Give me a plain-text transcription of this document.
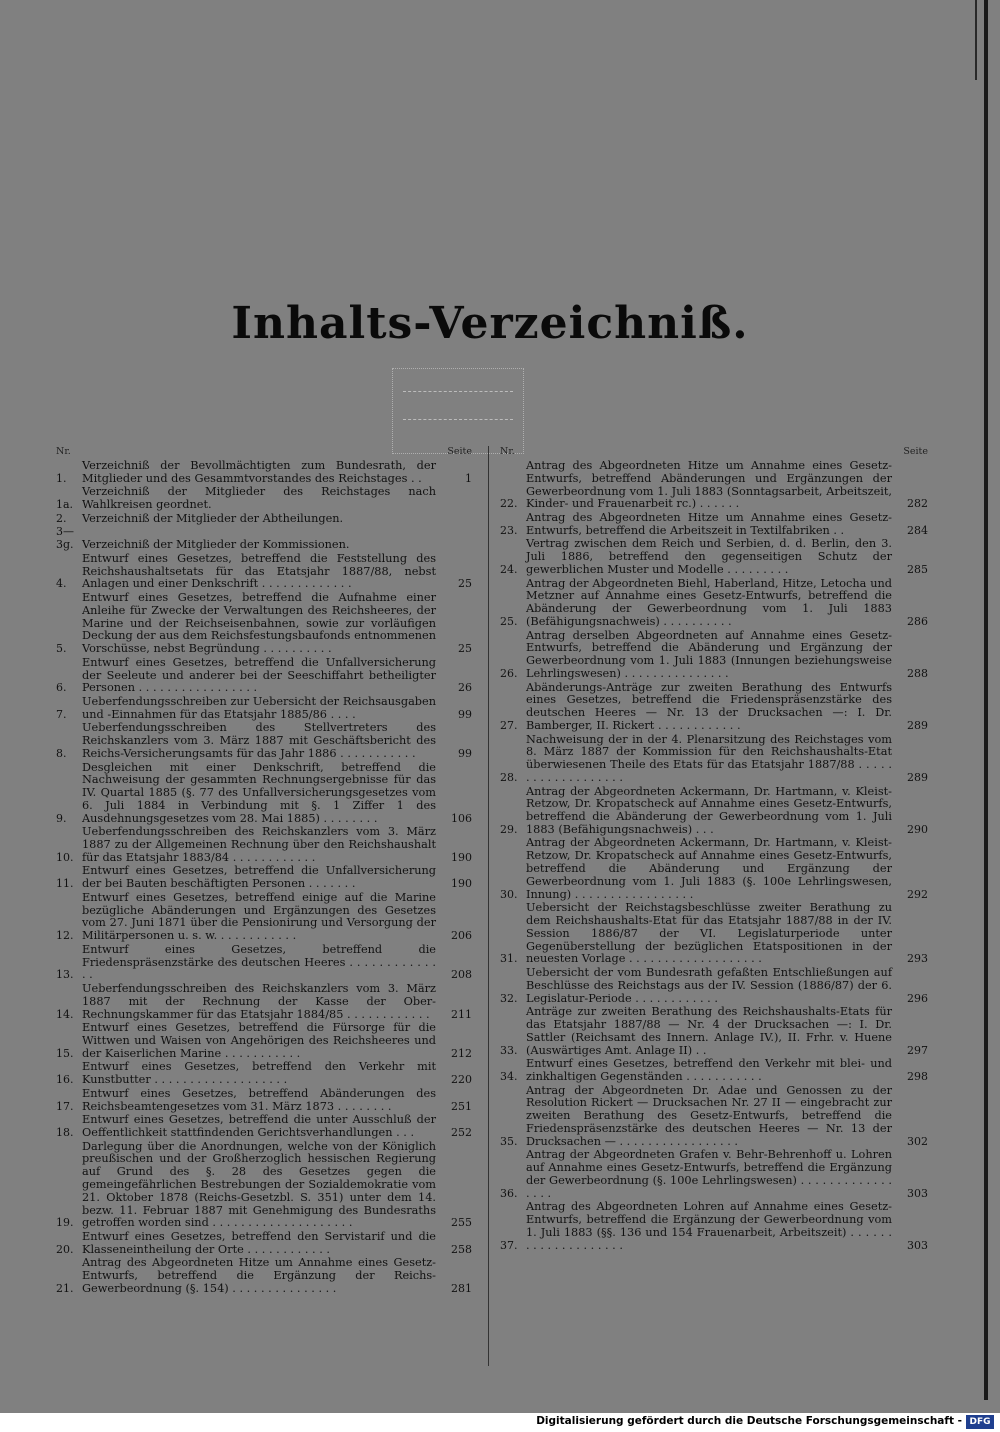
Inhalts-Verzeichniß.
Nr.	Seite
1.
Verzeichniß der Bevollmächtigten zum Bundesrath, der Mitglieder und des Gesammtvorstandes des Reichstages . .	1
1a.
Verzeichniß der Mitglieder des Reichstages nach Wahlkreisen geordnet.
2.	Verzeichniß der Mitglieder der Abtheilungen.
3—3g. Verzeichniß der Mitglieder der Kommissionen.
4.
Entwurf eines Gesetzes, betreffend die Feststellung des Reichshaushaltsetats für das Etatsjahr 1887/88, nebst Anlagen und einer Denkschrift . . . . . . . . . . . . .	25
5.
Entwurf eines Gesetzes, betreffend die Aufnahme einer Anleihe für Zwecke der Verwaltungen des Reichsheeres, der Marine und der Reichseisenbahnen, sowie zur vorläufigen Deckung der aus dem Reichsfestungsbaufonds entnommenen Vorschüsse, nebst Begründung . . . . . . . . . .	25
6.
Entwurf eines Gesetzes, betreffend die Unfallversicherung der Seeleute und anderer bei der Seeschiffahrt betheiligter Personen . . . . . . . . . . . . . . . . .	26
7.
Ueberfendungsschreiben zur Uebersicht der Reichsausgaben und -Einnahmen für das Etatsjahr 1885/86 . . . .	99
8.
Ueberfendungsschreiben des Stellvertreters des Reichskanzlers vom 3. März 1887 mit Geschäftsbericht des Reichs-Versicherungsamts für das Jahr 1886 . . . . . . . . . . .	99
9.
Desgleichen mit einer Denkschrift, betreffend die Nachweisung der gesammten Rechnungsergebnisse für das IV. Quartal 1885 (§. 77 des Unfallversicherungsgesetzes vom 6. Juli 1884 in Verbindung mit §. 1 Ziffer 1 des Ausdehnungsgesetzes vom 28. Mai 1885) . . . . . . . .	106
10.
Ueberfendungsschreiben des Reichskanzlers vom 3. März 1887 zu der Allgemeinen Rechnung über den Reichshaushalt für das Etatsjahr 1883/84 . . . . . . . . . . . .	190
11.
Entwurf eines Gesetzes, betreffend die Unfallversicherung der bei Bauten beschäftigten Personen . . . . . . .	190
12.
Entwurf eines Gesetzes, betreffend einige auf die Marine bezügliche Abänderungen und Ergänzungen des Gesetzes vom 27. Juni 1871 über die Pensionirung und Versorgung der Militärpersonen u. s. w. . . . . . . . . . . .	206
13.
Entwurf eines Gesetzes, betreffend die Friedenspräsenzstärke des deutschen Heeres . . . . . . . . . . . . . .	208
14.
Ueberfendungsschreiben des Reichskanzlers vom 3. März 1887 mit der Rechnung der Kasse der Ober-Rechnungskammer für das Etatsjahr 1884/85 . . . . . . . . . . . .	211
15.
Entwurf eines Gesetzes, betreffend die Fürsorge für die Wittwen und Waisen von Angehörigen des Reichsheeres und der Kaiserlichen Marine . . . . . . . . . . .	212
16.
Entwurf eines Gesetzes, betreffend den Verkehr mit Kunstbutter . . . . . . . . . . . . . . . . . . .	220
17.
Entwurf eines Gesetzes, betreffend Abänderungen des Reichsbeamtengesetzes vom 31. März 1873 . . . . . . . .	251
18.
Entwurf eines Gesetzes, betreffend die unter Ausschluß der Oeffentlichkeit stattfindenden Gerichtsverhandlungen . . .	252
19.
Darlegung über die Anordnungen, welche von der Königlich preußischen und der Großherzoglich hessischen Regierung auf Grund des §. 28 des Gesetzes gegen die gemeingefährlichen Bestrebungen der Sozialdemokratie vom 21. Oktober 1878 (Reichs-Gesetzbl. S. 351) unter dem 14. bezw. 11. Februar 1887 mit Genehmigung des Bundesraths getroffen worden sind . . . . . . . . . . . . . . . . . . . .	255
20.
Entwurf eines Gesetzes, betreffend den Servistarif und die Klasseneintheilung der Orte . . . . . . . . . . . .	258
21.
Antrag des Abgeordneten Hitze um Annahme eines Gesetz-Entwurfs, betreffend die Ergänzung der Reichs-Gewerbeordnung (§. 154) . . . . . . . . . . . . . . .	281
Nr.	Seite
22.
Antrag des Abgeordneten Hitze um Annahme eines Gesetz-Entwurfs, betreffend Abänderungen und Ergänzungen der Gewerbeordnung vom 1. Juli 1883 (Sonntagsarbeit, Arbeitszeit, Kinder- und Frauenarbeit rc.) . . . . . .	282
23.
Antrag des Abgeordneten Hitze um Annahme eines Gesetz-Entwurfs, betreffend die Arbeitszeit in Textilfabriken . .	284
24.
Vertrag zwischen dem Reich und Serbien, d. d. Berlin, den 3. Juli 1886, betreffend den gegenseitigen Schutz der gewerblichen Muster und Modelle . . . . . . . . .	285
25.
Antrag der Abgeordneten Biehl, Haberland, Hitze, Letocha und Metzner auf Annahme eines Gesetz-Entwurfs, betreffend die Abänderung der Gewerbeordnung vom 1. Juli 1883 (Befähigungsnachweis) . . . . . . . . . .	286
26.
Antrag derselben Abgeordneten auf Annahme eines Gesetz-Entwurfs, betreffend die Abänderung und Ergänzung der Gewerbeordnung vom 1. Juli 1883 (Innungen beziehungsweise Lehrlingswesen) . . . . . . . . . . . . . . .	288
27.
Abänderungs-Anträge zur zweiten Berathung des Entwurfs eines Gesetzes, betreffend die Friedenspräsenzstärke des deutschen Heeres — Nr. 13 der Drucksachen —: I. Dr. Bamberger, II. Rickert . . . . . . . . . . . .	289
28.
Nachweisung der in der 4. Plenarsitzung des Reichstages vom 8. März 1887 der Kommission für den Reichshaushalts-Etat überwiesenen Theile des Etats für das Etatsjahr 1887/88 . . . . . . . . . . . . . . . . . . .	289
29.
Antrag der Abgeordneten Ackermann, Dr. Hartmann, v. Kleist-Retzow, Dr. Kropatscheck auf Annahme eines Gesetz-Entwurfs, betreffend die Abänderung der Gewerbeordnung vom 1. Juli 1883 (Befähigungsnachweis) . . .	290
30.
Antrag der Abgeordneten Ackermann, Dr. Hartmann, v. Kleist-Retzow, Dr. Kropatscheck auf Annahme eines Gesetz-Entwurfs, betreffend die Abänderung und Ergänzung der Gewerbeordnung vom 1. Juli 1883 (§. 100e Lehrlingswesen, Innung) . . . . . . . . . . . . . . . . .	292
31.
Uebersicht der Reichstagsbeschlüsse zweiter Berathung zu dem Reichshaushalts-Etat für das Etatsjahr 1887/88 in der IV. Session 1886/87 der VI. Legislaturperiode unter Gegenüberstellung der bezüglichen Etatspositionen in der neuesten Vorlage . . . . . . . . . . . . . . . . . . .	293
32.
Uebersicht der vom Bundesrath gefaßten Entschließungen auf Beschlüsse des Reichstags aus der IV. Session (1886/87) der 6. Legislatur-Periode . . . . . . . . . . . .	296
33.
Anträge zur zweiten Berathung des Reichshaushalts-Etats für das Etatsjahr 1887/88 — Nr. 4 der Drucksachen —: I. Dr. Sattler (Reichsamt des Innern. Anlage IV.), II. Frhr. v. Huene (Auswärtiges Amt. Anlage II) . .	297
34.
Entwurf eines Gesetzes, betreffend den Verkehr mit blei- und zinkhaltigen Gegenständen . . . . . . . . . . .	298
35.
Antrag der Abgeordneten Dr. Adae und Genossen zu der Resolution Rickert — Drucksachen Nr. 27 II — eingebracht zur zweiten Berathung des Gesetz-Entwurfs, betreffend die Friedenspräsenzstärke des deutschen Heeres — Nr. 13 der Drucksachen — . . . . . . . . . . . . . . . . .	302
36.
Antrag der Abgeordneten Grafen v. Behr-Behrenhoff u. Lohren auf Annahme eines Gesetz-Entwurfs, betreffend die Ergänzung der Gewerbeordnung (§. 100e Lehrlingswesen) . . . . . . . . . . . . . . . . .	303
37.
Antrag des Abgeordneten Lohren auf Annahme eines Gesetz-Entwurfs, betreffend die Ergänzung der Gewerbeordnung vom 1. Juli 1883 (§§. 136 und 154 Frauenarbeit, Arbeitszeit) . . . . . . . . . . . . . . . . . . . .	303
Digitalisierung gefördert durch die Deutsche Forschungsgemeinschaft - DFG
